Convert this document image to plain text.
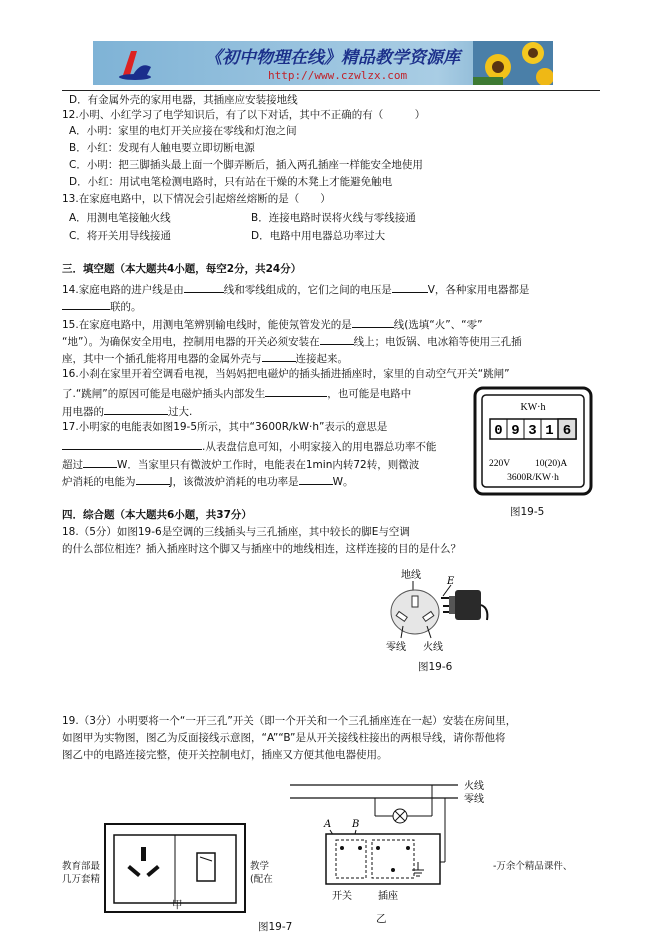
《初中物理在线》精品教学资源库
http://www.czwlzx.com
D．有金属外壳的家用电器，其插座应安装接地线
12.小明、小红学习了电学知识后，有了以下对话，其中不正确的有（　　　）
A．小明：家里的电灯开关应接在零线和灯泡之间
B．小红：发现有人触电要立即切断电源
C．小明：把三脚插头最上面一个脚弄断后，插入两孔插座一样能安全地使用
D．小红：用试电笔检测电路时，只有站在干燥的木凳上才能避免触电
13.在家庭电路中，以下情况会引起熔丝熔断的是（　　）
A．用测电笔接触火线	B．连接电路时误将火线与零线接通
C．将开关用导线接通	D．电路中用电器总功率过大
三．填空题（本大题共4小题，每空2分，共24分）
14.家庭电路的进户线是由	线和零线组成的，它们之间的电压是	V，各种家用电器都是
联的。
15.在家庭电路中，用测电笔辨别输电线时，能使氖管发光的是	线(选填“火”、“零”
“地”）。为确保安全用电，控制用电器的开关必须安装在	线上；电饭锅、电冰箱等使用三孔插
座，其中一个插孔能将用电器的金属外壳与	连接起来。
16.小刹在家里开着空调看电视，当妈妈把电磁炉的插头插进插座时，家里的自动空气开关“跳闸”
了.“跳闸”的原因可能是电磁炉插头内部发生	，也可能是电路中
用电器的	过大.
17.小明家的电能表如图19-5所示，其中“3600R/kW·h”表示的意思是
.从表盘信息可知，小明家接入的用电器总功率不能
超过	W．当家里只有微波炉工作时，电能表在1min内转72转，则微波
炉消耗的电能为	J，该微波炉消耗的电功率是	W。
KW·h
0 9 3 1 6
220V	10(20)A
3600R/KW·h
图19-5
四．综合题（本大题共6小题，共37分）
18.（5分）如图19-6是空调的三线插头与三孔插座，其中较长的脚E与空调
的什么部位相连？插入插座时这个脚又与插座中的地线相连，这样连接的目的是什么？
地线
E
零线 火线
图19-6
19.（3分）小明要将一个“一开三孔”开关（即一个开关和一个三孔插座连在一起）安装在房间里，
如图甲为实物图，图乙为反面接线示意图，“A”“B”是从开关接线柱接出的两根导线，请你帮他将
图乙中的电路连接完整，使开关控制电灯，插座又方便其他电器使用。
教育部最
几万套精
教学
(配在
-万余个精品课件、
甲
火线
零线
A B
开关	插座
乙
图19-7
